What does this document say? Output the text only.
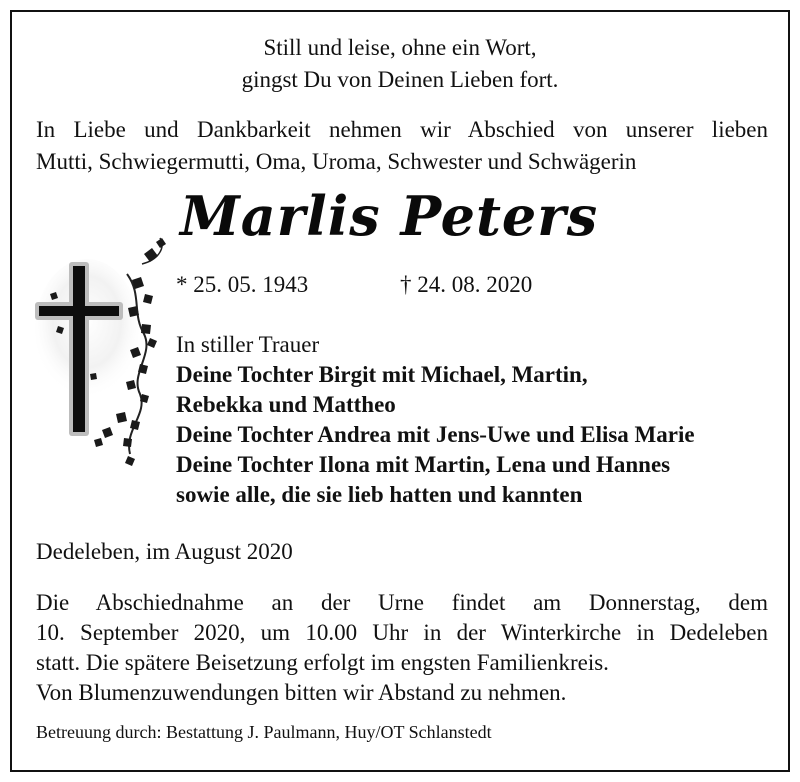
Still und leise, ohne ein Wort,
gingst Du von Deinen Lieben fort.
In Liebe und Dankbarkeit nehmen wir Abschied von unserer lieben
Mutti, Schwiegermutti, Oma, Uroma, Schwester und Schwägerin
Marlis Peters
* 25. 05. 1943	† 24. 08. 2020
In stiller Trauer
Deine Tochter Birgit mit Michael, Martin,
Rebekka und Mattheo
Deine Tochter Andrea mit Jens-Uwe und Elisa Marie
Deine Tochter Ilona mit Martin, Lena und Hannes
sowie alle, die sie lieb hatten und kannten
Dedeleben, im August 2020
Die Abschiednahme an der Urne findet am Donnerstag, dem
10. September 2020, um 10.00 Uhr in der Winterkirche in Dedeleben
statt. Die spätere Beisetzung erfolgt im engsten Familienkreis.
Von Blumenzuwendungen bitten wir Abstand zu nehmen.
Betreuung durch: Bestattung J. Paulmann, Huy/OT Schlanstedt
